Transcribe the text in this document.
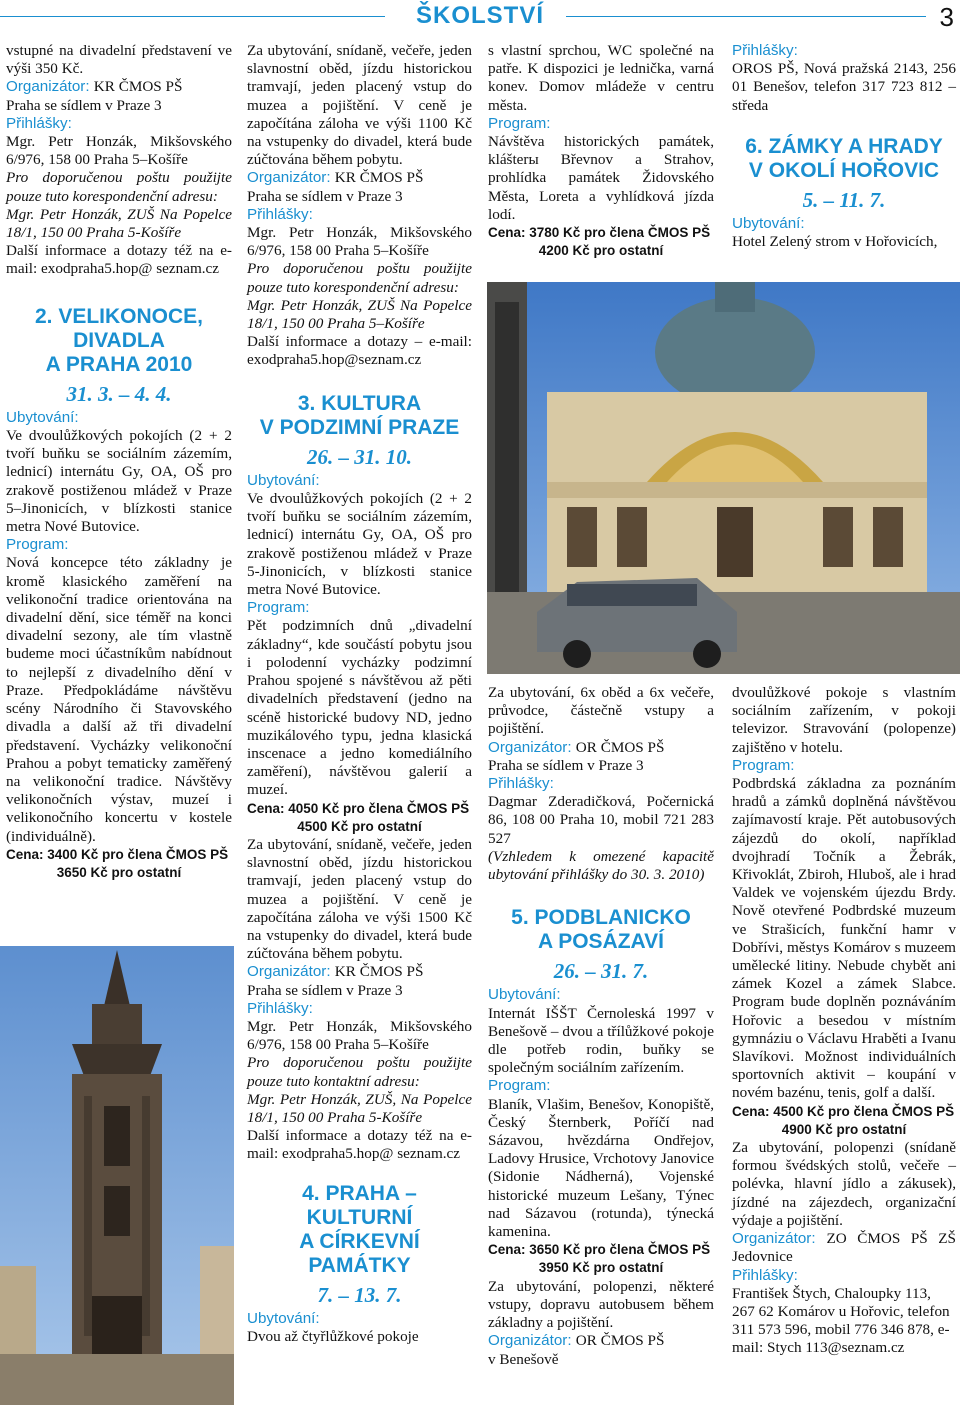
ŠKOLSTVÍ	3

vstupné na divadelní představení ve výši 350 Kč.

Organizátor: KR ČMOS PŠ

Praha se sídlem v Praze 3

Přihlášky:

Mgr. Petr Honzák, Mikšovského 6/976, 158 00 Praha 5–Košíře

Pro doporučenou poštu použijte pouze tuto korespondenční adresu:

Mgr. Petr Honzák, ZUŠ Na Popelce 18/1, 150 00 Praha 5-Košíře

Další informace a dotazy též na e-mail: exodpraha5.hop@ seznam.cz

2. VELIKONOCE,
DIVADLA
A PRAHA 2010
31. 3. – 4. 4.

Ubytování:

Ve dvoulůžkových pokojích (2 + 2 tvoří buňku se sociálním zázemím, lednicí) internátu Gy, OA, OŠ pro zrakově postiženou mládež v Praze 5–Jinonicích, v blízkosti stanice metra Nové Butovice.

Program:

Nová koncepce této základny je kromě klasického zaměření na velikonoční tradice orientována na divadelní dění, sice téměř na konci divadelní sezony, ale tím vlastně budeme moci účastníkům nabídnout to nejlepší z divadelního dění v Praze. Předpokládáme návštěvu scény Národního či Stavovského divadla a další až tři divadelní představení. Vycházky velikonoční Prahou a pobyt tematicky zaměřený na velikonoční tradice. Návštěvy velikonočních výstav, muzeí i velikonočního koncertu v kostele (individuálně).

Cena: 3400 Kč pro člena ČMOS PŠ

3650 Kč pro ostatní

Za ubytování, snídaně, večeře, jeden slavnostní oběd, jízdu historickou tramvají, jeden placený vstup do muzea a pojištění. V ceně je započítána záloha ve výši 1100 Kč na vstupenky do divadel, která bude zúčtována během pobytu.

Organizátor: KR ČMOS PŠ

Praha se sídlem v Praze 3

Přihlášky:

Mgr. Petr Honzák, Mikšovského 6/976, 158 00 Praha 5–Košíře

Pro doporučenou poštu použijte pouze tuto korespondenční adresu:

Mgr. Petr Honzák, ZUŠ Na Popelce 18/1, 150 00 Praha 5–Košíře

Další informace a dotazy – e-mail: exodpraha5.hop@seznam.cz

3. KULTURA
V PODZIMNÍ PRAZE
26. – 31. 10.

Ubytování:

Ve dvoulůžkových pokojích (2 + 2 tvoří buňku se sociálním zázemím, lednicí) internátu Gy, OA, OŠ pro zrakově postiženou mládež v Praze 5-Jinonicích, v blízkosti stanice metra Nové Butovice.

Program:

Pět podzimních dnů „divadelní základny“, kde součástí pobytu jsou i polodenní vycházky podzimní Prahou spojené s návštěvou až pěti divadelních představení (jedno na scéně historické budovy ND, jedno muzikálového typu, jedna klasická inscenace a jedno komediálního zaměření), návštěvou galerií a muzeí.

Cena: 4050 Kč pro člena ČMOS PŠ

4500 Kč pro ostatní

Za ubytování, snídaně, večeře, jeden slavnostní oběd, jízdu historickou tramvají, jeden placený vstup do muzea a pojištění. V ceně je započítána záloha ve výši 1500 Kč na vstupenky do divadel, která bude zúčtována během pobytu.

Organizátor: KR ČMOS PŠ

Praha se sídlem v Praze 3

Přihlášky:

Mgr. Petr Honzák, Mikšovského 6/976, 158 00 Praha 5–Košíře

Pro doporučenou poštu použijte pouze tuto kontaktní adresu:

Mgr. Petr Honzák, ZUŠ, Na Popelce 18/1, 150 00 Praha 5-Košíře

Další informace a dotazy též na e-mail: exodpraha5.hop@ seznam.cz

4. PRAHA – KULTURNÍ
A CÍRKEVNÍ PAMÁTKY
7. – 13. 7.

Ubytování:

Dvou až čtyřlůžkové pokoje

s vlastní sprchou, WC společné na patře. K dispozici je lednička, varná konev. Domov mládeže v centru města.

Program:

Návštěva historických památek, klášterы Břevnov a Strahov, prohlídka památek Židovského Města, Loreta a vyhlídková jízda lodí.

Cena: 3780 Kč pro člena ČMOS PŠ

4200 Kč pro ostatní

Přihlášky:

OROS PŠ, Nová pražská 2143, 256 01 Benešov, telefon 317 723 812 – středa

6. ZÁMKY A HRADY
V OKOLÍ HOŘOVIC
5. – 11. 7.

Ubytování:

Hotel Zelený strom v Hořovicích,

Za ubytování, 6x oběd a 6x večeře, průvodce, částečně vstupy a pojištění.

Organizátor: OR ČMOS PŠ

Praha se sídlem v Praze 3

Přihlášky:

Dagmar Zderadičková, Počernická 86, 108 00 Praha 10, mobil 721 283 527

(Vzhledem k omezené kapacitě ubytování přihlášky do 30. 3. 2010)

5. PODBLANICKO
A POSÁZAVÍ
26. – 31. 7.

Ubytování:

Internát IŠŠT Černoleská 1997 v Benešově – dvou a třílůžkové pokoje dle potřeb rodin, buňky se společným sociálním zařízením.

Program:

Blaník, Vlašim, Benešov, Konopiště, Český Šternberk, Poříčí nad Sázavou, hvězdárna Ondřejov, Ladovy Hrusice, Vrchotovy Janovice (Sidonie Nádherná), Vojenské historické muzeum Lešany, Týnec nad Sázavou (rotunda), týnecká kamenina.

Cena: 3650 Kč pro člena ČMOS PŠ

3950 Kč pro ostatní

Za ubytování, polopenzi, některé vstupy, dopravu autobusem během základny a pojištění.

Organizátor: OR ČMOS PŠ

v Benešově

dvoulůžkové pokoje s vlastním sociálním zařízením, v pokoji televizor. Stravování (polopenze) zajištěno v hotelu.

Program:

Podbrdská základna za poznáním hradů a zámků doplněná návštěvou zajímavostí kraje. Pět autobusových zájezdů do okolí, například dvojhradí Točník a Žebrák, Křivoklát, Zbiroh, Hluboš, ale i hrad Valdek ve vojenském újezdu Brdy. Nově otevřené Podbrdské muzeum ve Strašicích, funkční hamr v Dobřívi, městys Komárov s muzeem umělecké litiny. Nebude chybět ani zámek Kozel a zámek Slabce. Program bude doplněn poznáváním Hořovic a besedou v místním gymnáziu o Václavu Hraběti a Ivanu Slavíkovi. Možnost individuálních sportovních aktivit – koupání v novém bazénu, tenis, golf a další.

Cena: 4500 Kč pro člena ČMOS PŠ

4900 Kč pro ostatní

Za ubytování, polopenzi (snídaně formou švédských stolů, večeře – polévka, hlavní jídlo a zákusek), jízdné na zájezdech, organizační výdaje a pojištění.

Organizátor: ZO ČMOS PŠ ZŠ Jedovnice

Přihlášky:

František Štych, Chaloupky 113, 267 62 Komárov u Hořovic, telefon 311 573 596, mobil 776 346 878, e-mail: Stych 113@seznam.cz
